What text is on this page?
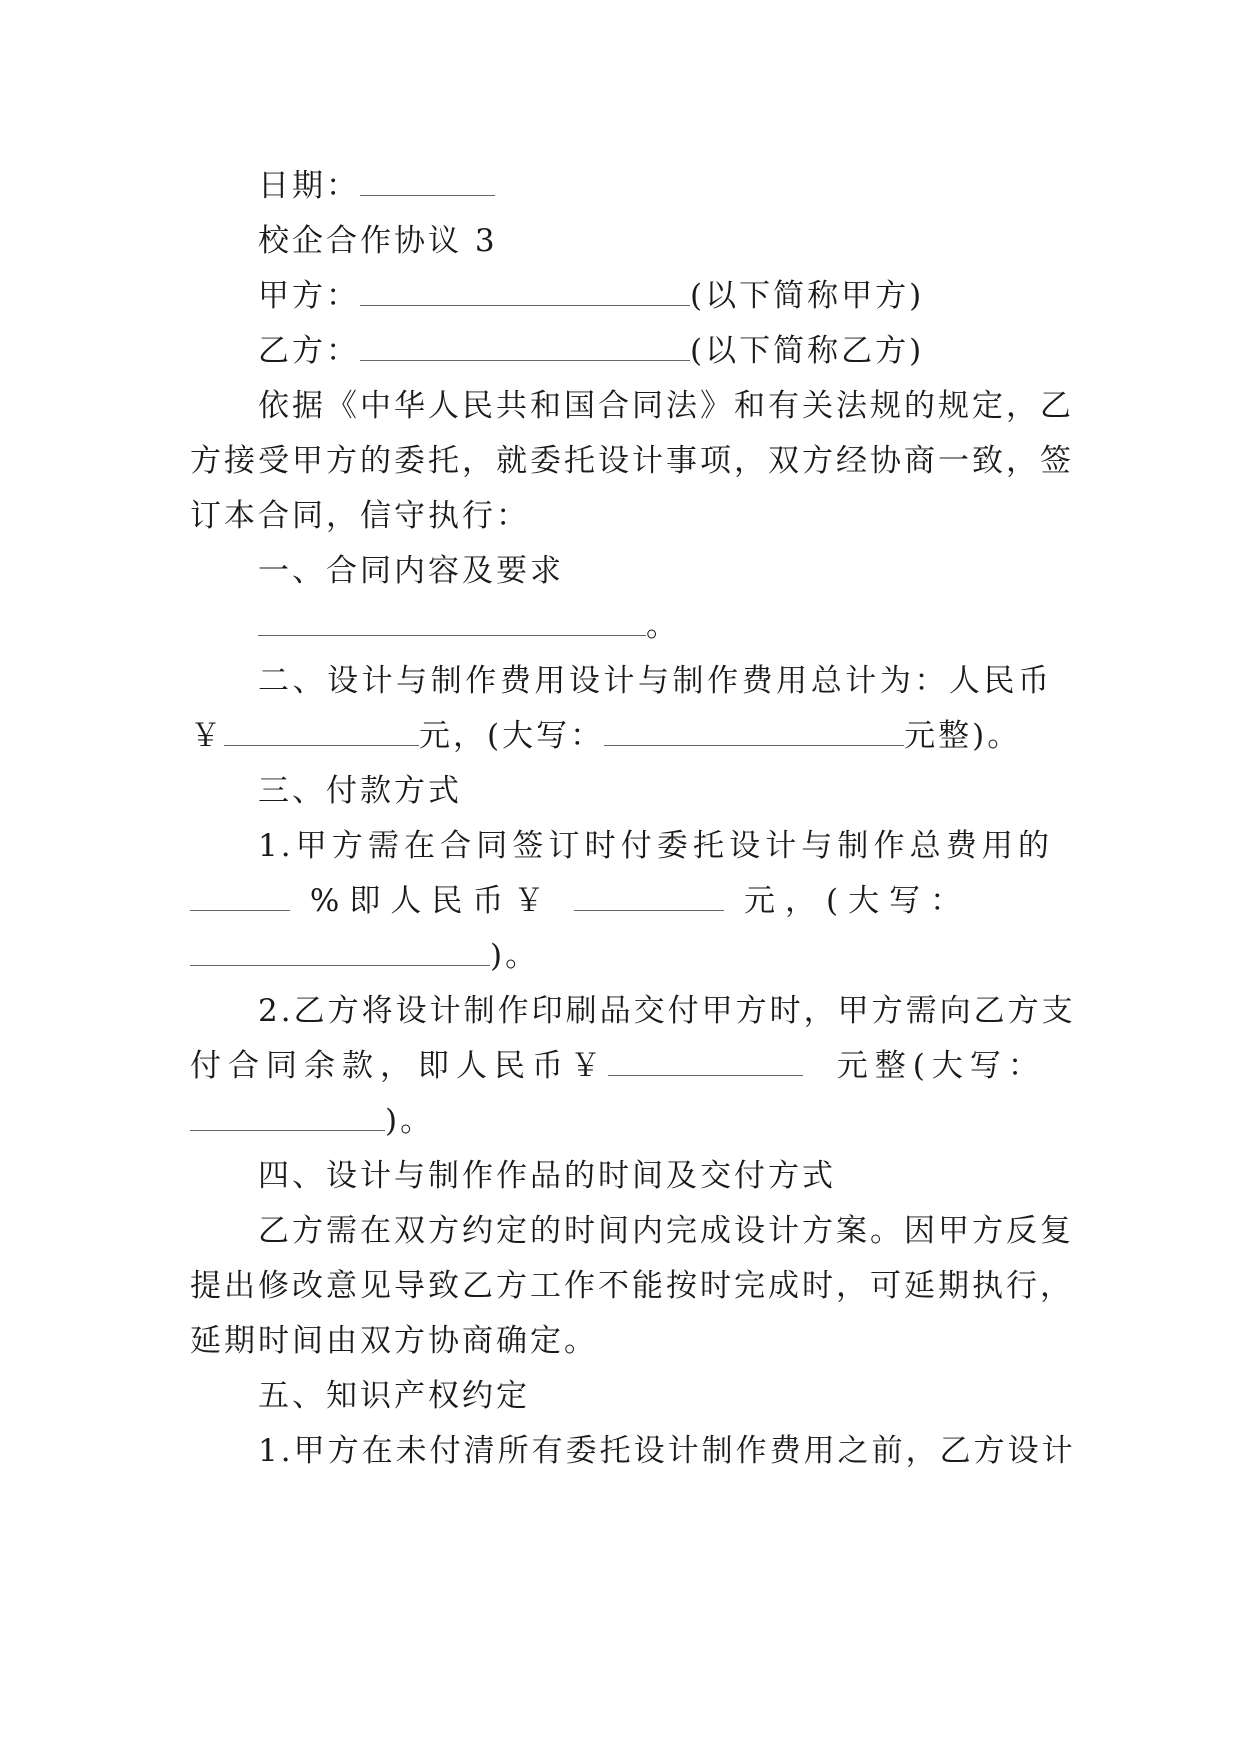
日期：
校企合作协议 3
甲方：	(以下简称甲方)
乙方：	(以下简称乙方)
依据《中华人民共和国合同法》和有关法规的规定，乙
方接受甲方的委托，就委托设计事项，双方经协商一致，签
订本合同，信守执行：
一、合同内容及要求
。
二、设计与制作费用设计与制作费用总计为：人民币
￥	元，(大写：	元整)。
三、付款方式
1.甲方需在合同签订时付委托设计与制作总费用的
%即人民币￥	元，(大写：
)。
2.乙方将设计制作印刷品交付甲方时，甲方需向乙方支
付合同余款，即人民币￥	元整(大写：
)。
四、设计与制作作品的时间及交付方式
乙方需在双方约定的时间内完成设计方案。因甲方反复
提出修改意见导致乙方工作不能按时完成时，可延期执行，
延期时间由双方协商确定。
五、知识产权约定
1.甲方在未付清所有委托设计制作费用之前，乙方设计
